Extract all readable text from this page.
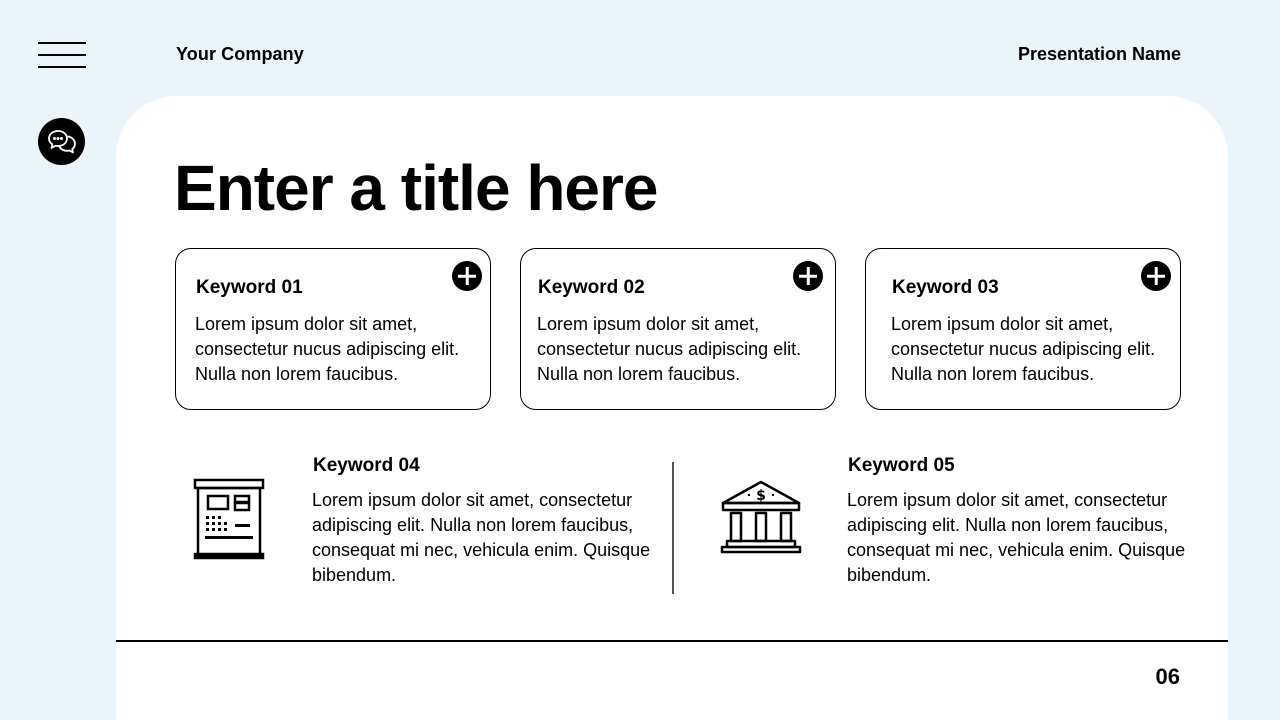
Your Company	Presentation Name
Enter a title here
Keyword 01
Lorem ipsum dolor sit amet, consectetur nucus adipiscing elit. Nulla non lorem faucibus.
Keyword 02
Lorem ipsum dolor sit amet, consectetur nucus adipiscing elit. Nulla non lorem faucibus.
Keyword 03
Lorem ipsum dolor sit amet, consectetur nucus adipiscing elit. Nulla non lorem faucibus.
Keyword 04
Lorem ipsum dolor sit amet, consectetur adipiscing elit. Nulla non lorem faucibus, consequat mi nec, vehicula enim. Quisque bibendum.
$
Keyword 05
Lorem ipsum dolor sit amet, consectetur adipiscing elit. Nulla non lorem faucibus, consequat mi nec, vehicula enim. Quisque bibendum.
06
